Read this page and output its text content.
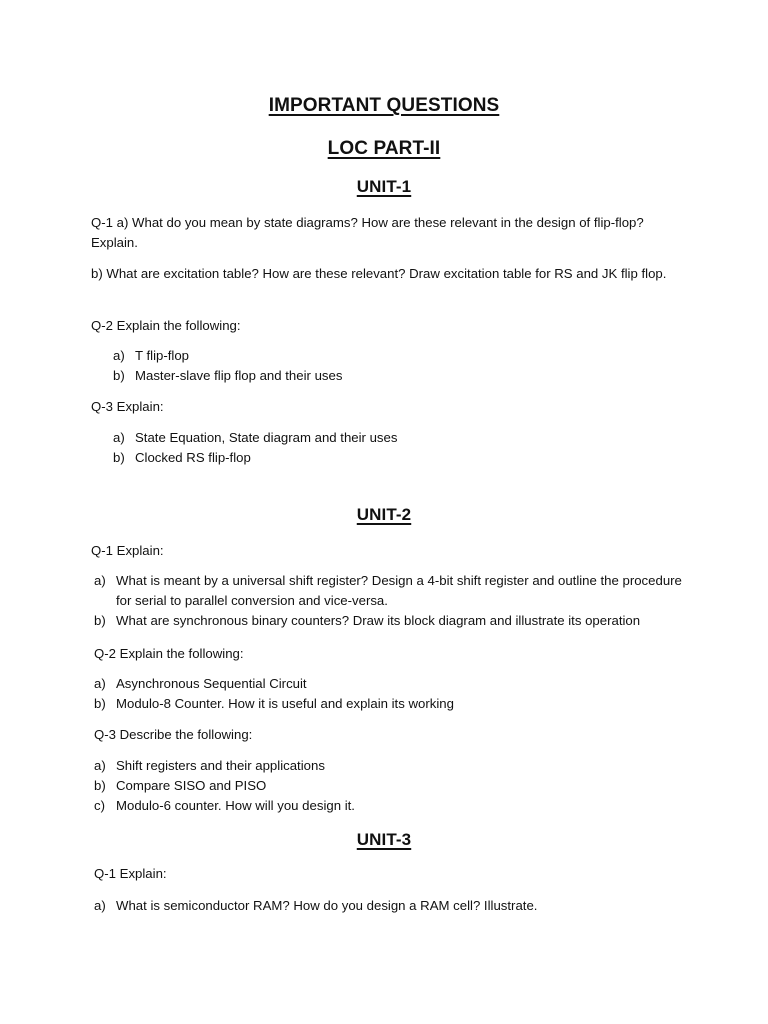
IMPORTANT QUESTIONS
LOC PART-II
UNIT-1
Q-1 a) What do you mean by state diagrams? How are these relevant in the design of flip-flop? Explain.
b) What are excitation table? How are these relevant? Draw excitation table for RS and JK flip flop.
Q-2 Explain the following:
a) T flip-flop
b) Master-slave flip flop and their uses
Q-3 Explain:
a) State Equation, State diagram and their uses
b) Clocked RS flip-flop
UNIT-2
Q-1 Explain:
a) What is meant by a universal shift register? Design a 4-bit shift register and outline the procedure for serial to parallel conversion and vice-versa.
b) What are synchronous binary counters? Draw its block diagram and illustrate its operation
Q-2 Explain the following:
a) Asynchronous Sequential Circuit
b) Modulo-8 Counter. How it is useful and explain its working
Q-3 Describe the following:
a) Shift registers and their applications
b) Compare SISO and PISO
c) Modulo-6 counter. How will you design it.
UNIT-3
Q-1 Explain:
a) What is semiconductor RAM? How do you design a RAM cell? Illustrate.
